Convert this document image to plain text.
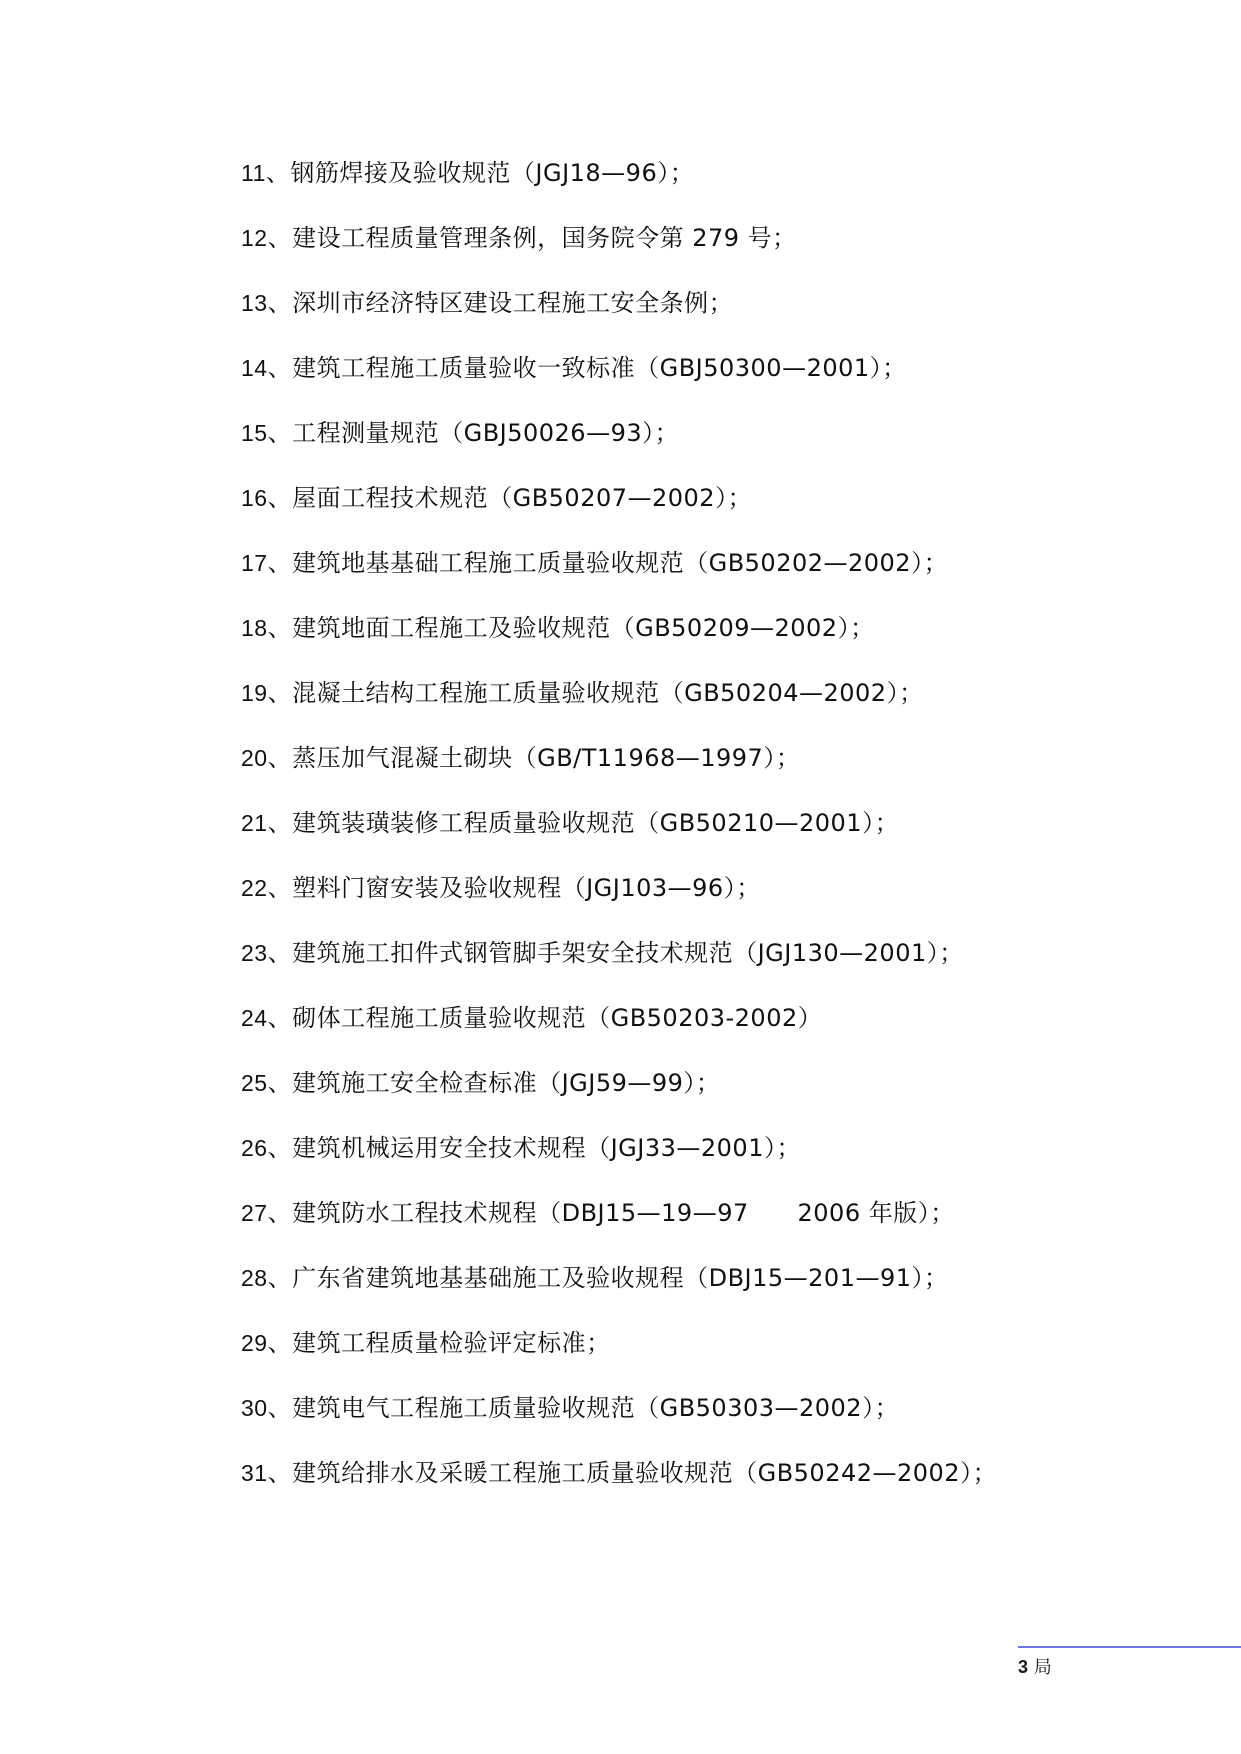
11、钢筋焊接及验收规范（JGJ18—96）；
12、建设工程质量管理条例，国务院令第 279 号；
13、深圳市经济特区建设工程施工安全条例；
14、建筑工程施工质量验收一致标准（GBJ50300—2001）；
15、工程测量规范（GBJ50026—93）；
16、屋面工程技术规范（GB50207—2002）；
17、建筑地基基础工程施工质量验收规范（GB50202—2002）；
18、建筑地面工程施工及验收规范（GB50209—2002）；
19、混凝土结构工程施工质量验收规范（GB50204—2002）；
20、蒸压加气混凝土砌块（GB/T11968—1997）；
21、建筑装璜装修工程质量验收规范（GB50210—2001）；
22、塑料门窗安装及验收规程（JGJ103—96）；
23、建筑施工扣件式钢管脚手架安全技术规范（JGJ130—2001）；
24、砌体工程施工质量验收规范（GB50203-2002）
25、建筑施工安全检查标准（JGJ59—99）；
26、建筑机械运用安全技术规程（JGJ33—2001）；
27、建筑防水工程技术规程（DBJ15—19—97      2006 年版）；
28、广东省建筑地基基础施工及验收规程（DBJ15—201—91）；
29、建筑工程质量检验评定标准；
30、建筑电气工程施工质量验收规范（GB50303—2002）；
31、建筑给排水及采暖工程施工质量验收规范（GB50242—2002）；
3 局
